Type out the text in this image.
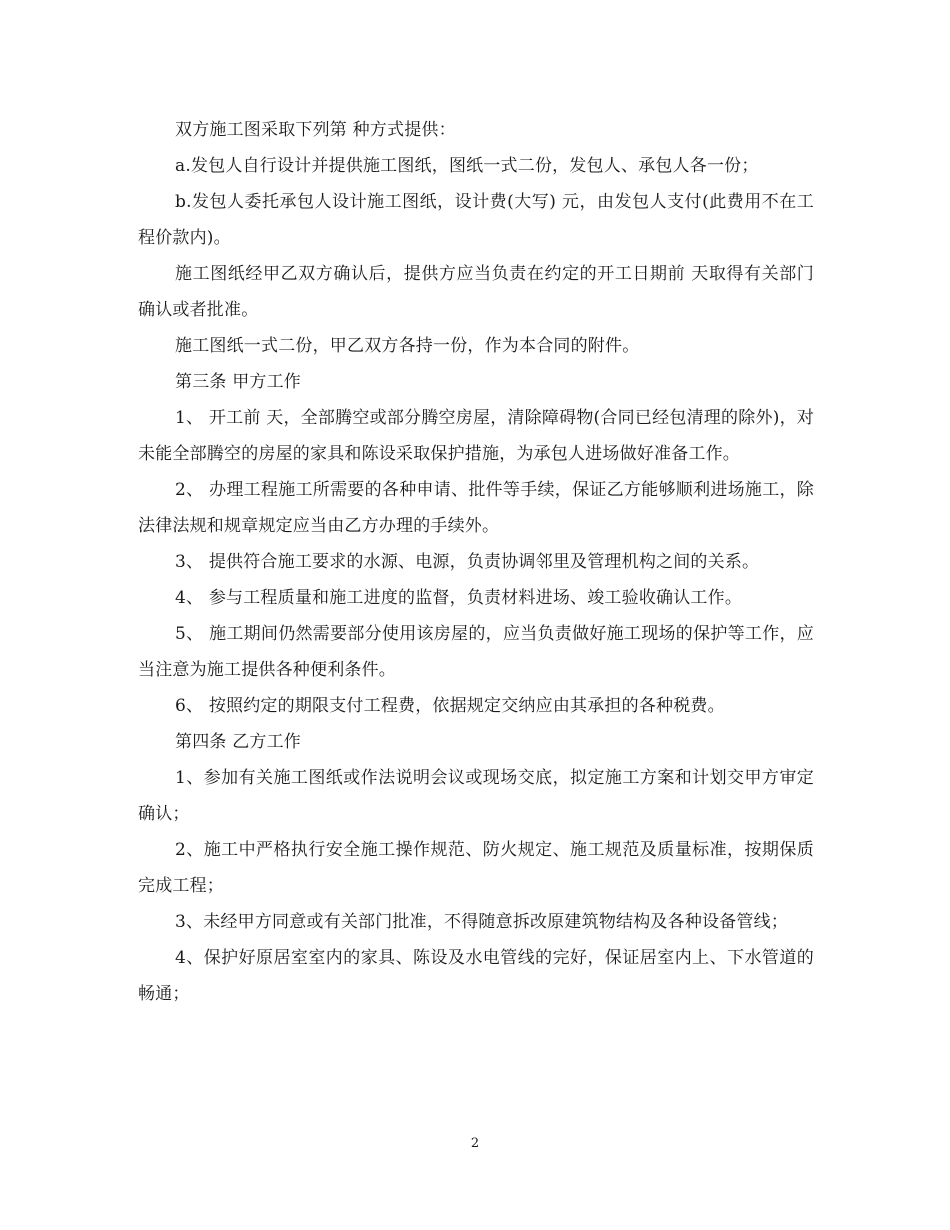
双方施工图采取下列第 种方式提供：

a.发包人自行设计并提供施工图纸，图纸一式二份，发包人、承包人各一份；

b.发包人委托承包人设计施工图纸，设计费(大写) 元，由发包人支付(此费用不在工程价款内)。

施工图纸经甲乙双方确认后，提供方应当负责在约定的开工日期前 天取得有关部门确认或者批准。

施工图纸一式二份，甲乙双方各持一份，作为本合同的附件。

第三条 甲方工作

1、 开工前 天，全部腾空或部分腾空房屋，清除障碍物(合同已经包清理的除外)，对未能全部腾空的房屋的家具和陈设采取保护措施，为承包人进场做好准备工作。

2、 办理工程施工所需要的各种申请、批件等手续，保证乙方能够顺利进场施工，除法律法规和规章规定应当由乙方办理的手续外。

3、 提供符合施工要求的水源、电源，负责协调邻里及管理机构之间的关系。

4、 参与工程质量和施工进度的监督，负责材料进场、竣工验收确认工作。

5、 施工期间仍然需要部分使用该房屋的，应当负责做好施工现场的保护等工作，应当注意为施工提供各种便利条件。

6、 按照约定的期限支付工程费，依据规定交纳应由其承担的各种税费。

第四条 乙方工作

1、参加有关施工图纸或作法说明会议或现场交底，拟定施工方案和计划交甲方审定确认；

2、施工中严格执行安全施工操作规范、防火规定、施工规范及质量标准，按期保质完成工程；

3、未经甲方同意或有关部门批准，不得随意拆改原建筑物结构及各种设备管线；

4、保护好原居室室内的家具、陈设及水电管线的完好，保证居室内上、下水管道的畅通；

2
